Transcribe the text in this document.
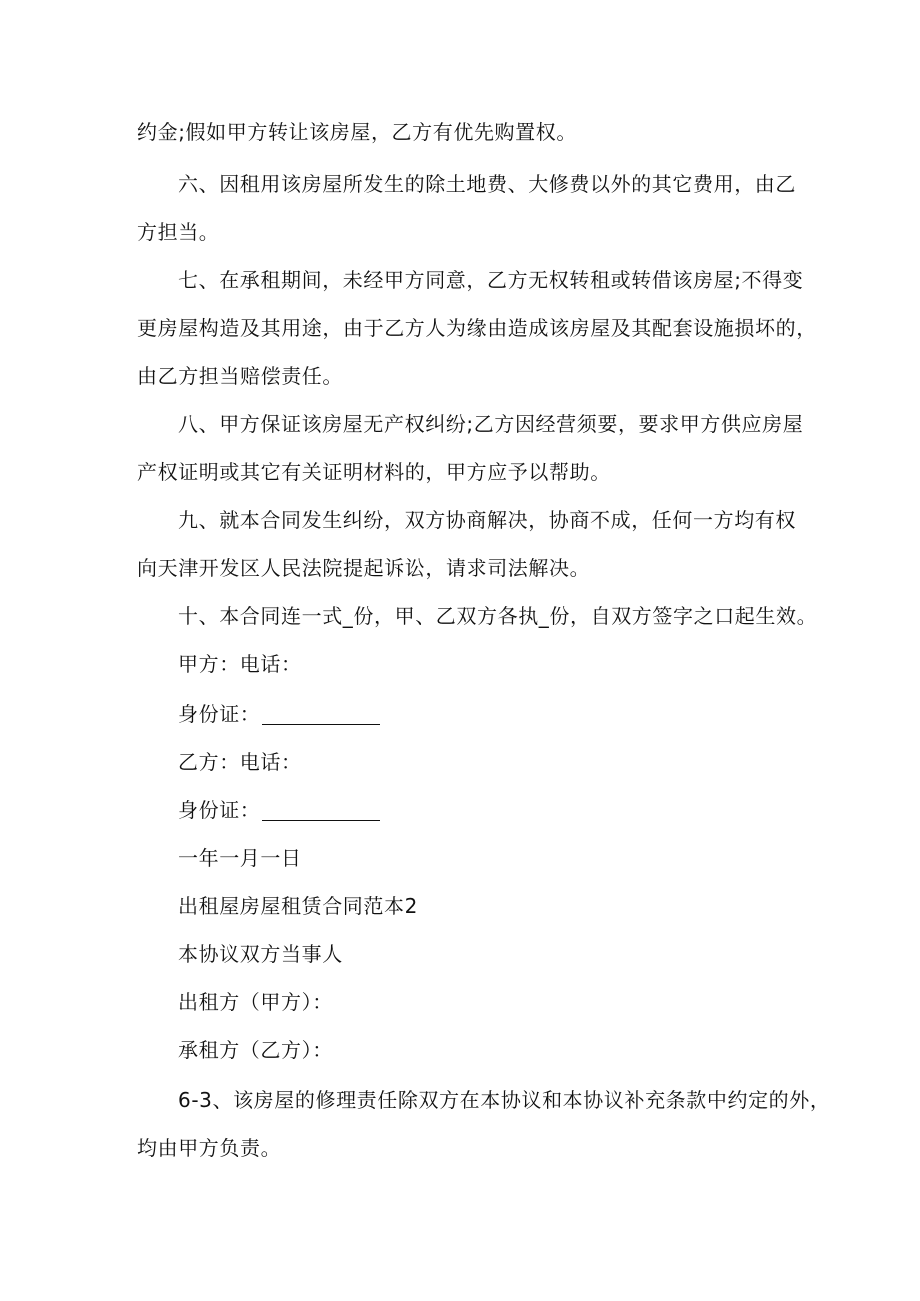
约金;假如甲方转让该房屋，乙方有优先购置权。

六、因租用该房屋所发生的除土地费、大修费以外的其它费用，由乙
方担当。

七、在承租期间，未经甲方同意，乙方无权转租或转借该房屋;不得变
更房屋构造及其用途，由于乙方人为缘由造成该房屋及其配套设施损坏的，
由乙方担当赔偿责任。

八、甲方保证该房屋无产权纠纷;乙方因经营须要，要求甲方供应房屋
产权证明或其它有关证明材料的，甲方应予以帮助。

九、就本合同发生纠纷，双方协商解决，协商不成，任何一方均有权
向天津开发区人民法院提起诉讼，请求司法解决。

十、本合同连一式_份，甲、乙双方各执_份，自双方签字之口起生效。

甲方：电话：

身份证：

乙方：电话：

身份证：

一年一月一日

出租屋房屋租赁合同范本2

本协议双方当事人

出租方（甲方）：

承租方（乙方）：

6-3、该房屋的修理责任除双方在本协议和本协议补充条款中约定的外，
均由甲方负责。
